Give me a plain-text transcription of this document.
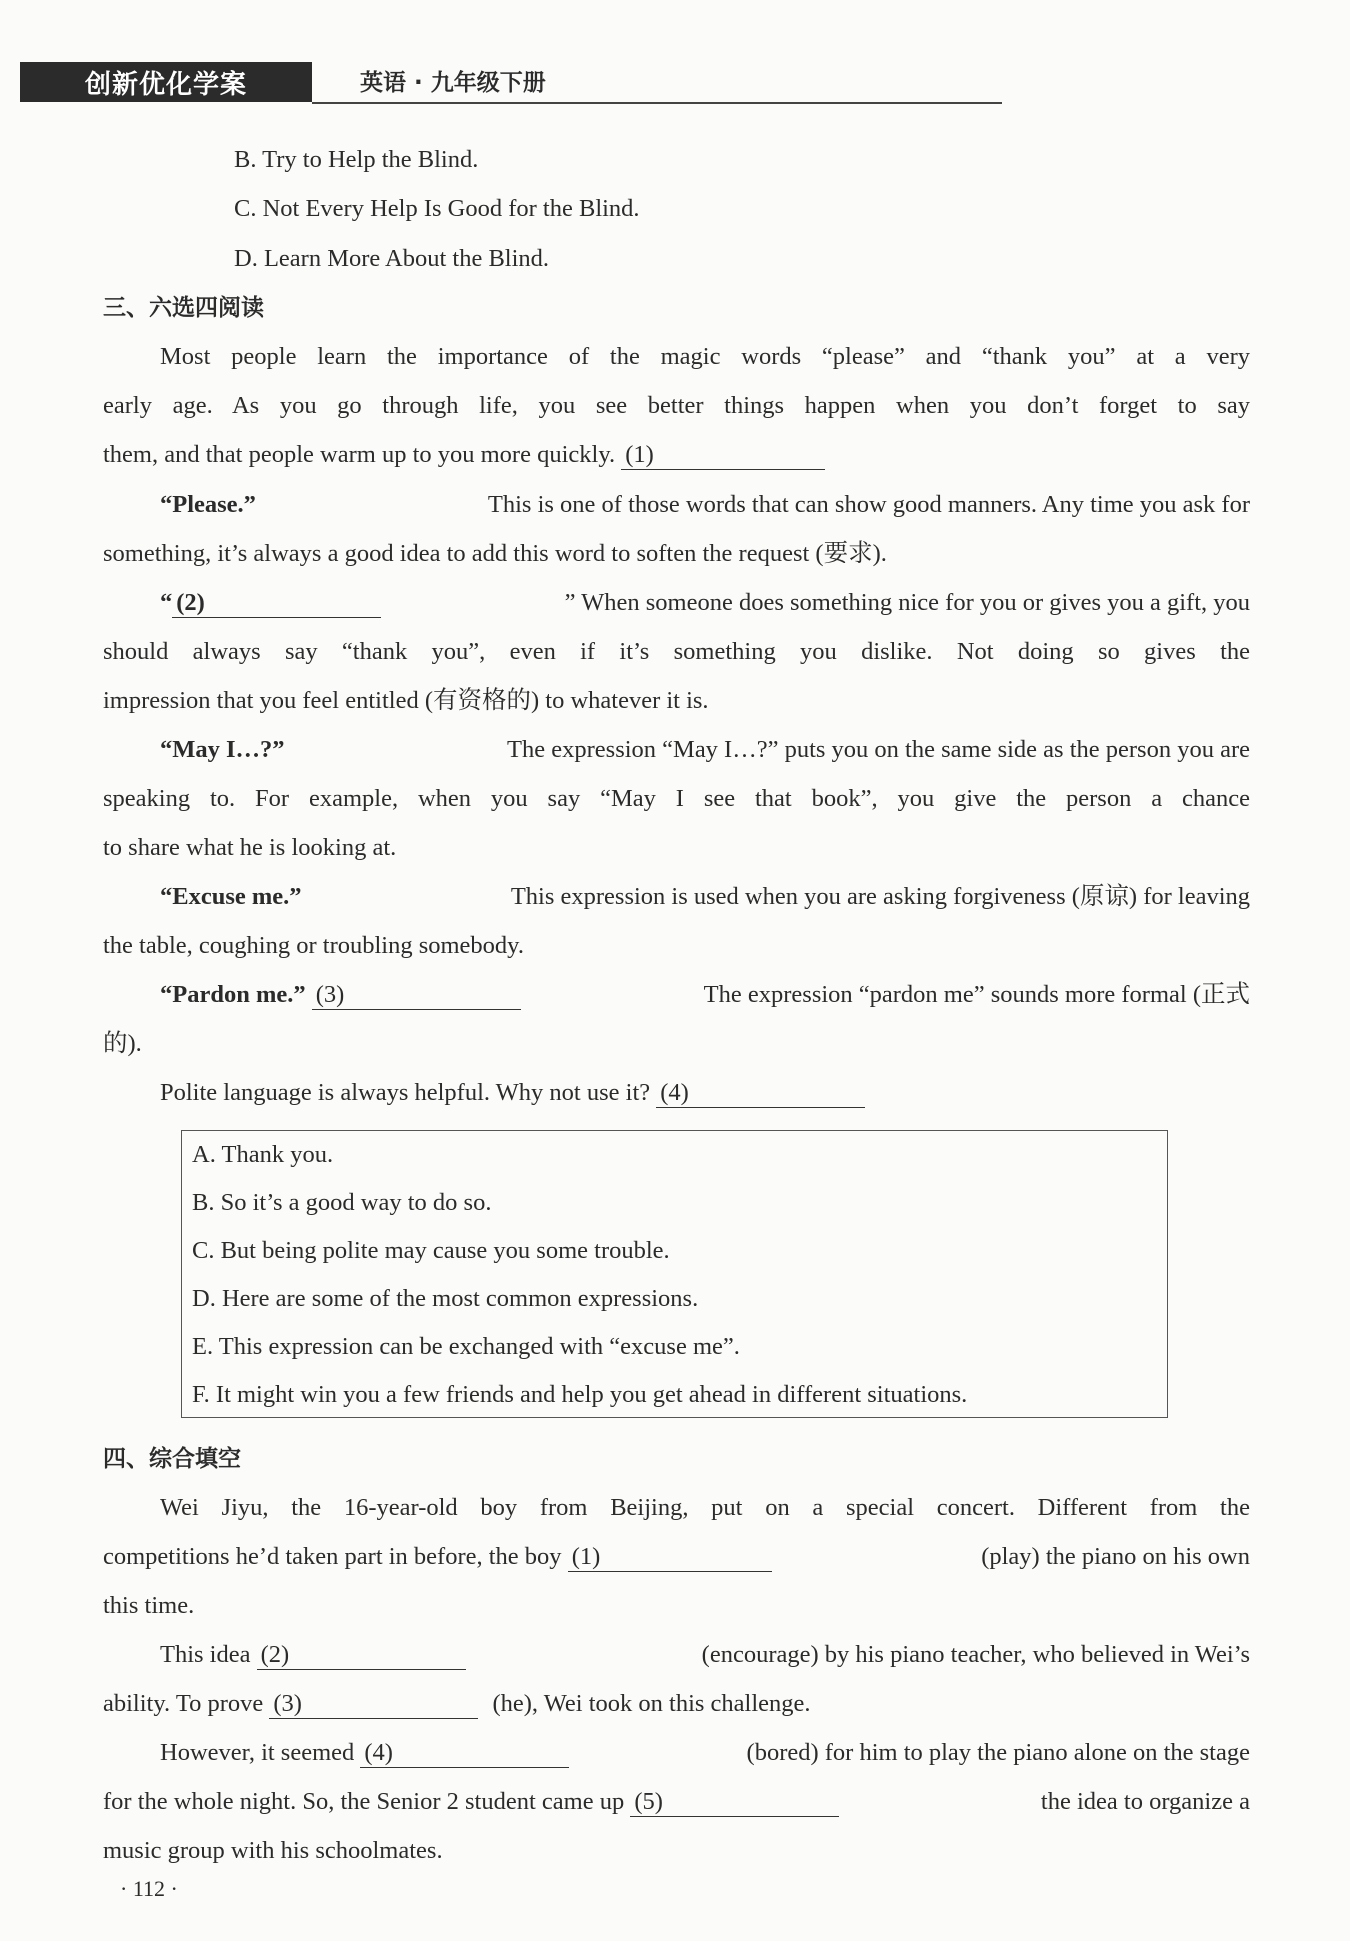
创新优化学案	英语 · 九年级下册
B. Try to Help the Blind.
C. Not Every Help Is Good for the Blind.
D. Learn More About the Blind.
三、六选四阅读
Most people learn the importance of the magic words “please” and “thank you” at a very
early age. As you go through life, you see better things happen when you don’t forget to say
them, and that people warm up to you more quickly. (1)
“Please.”	This is one of those words that can show good manners. Any time you ask for
something, it’s always a good idea to add this word to soften the request (要求).
“ (2)	” When someone does something nice for you or gives you a gift, you
should always say “thank you”, even if it’s something you dislike. Not doing so gives the
impression that you feel entitled (有资格的) to whatever it is.
“May I…?”	The expression “May I…?” puts you on the same side as the person you are
speaking to. For example, when you say “May I see that book”, you give the person a chance
to share what he is looking at.
“Excuse me.”	This expression is used when you are asking forgiveness (原谅) for leaving
the table, coughing or troubling somebody.
“Pardon me.” (3)	The expression “pardon me” sounds more formal (正式
的).
Polite language is always helpful. Why not use it? (4)
A. Thank you.
B. So it’s a good way to do so.
C. But being polite may cause you some trouble.
D. Here are some of the most common expressions.
E. This expression can be exchanged with “excuse me”.
F. It might win you a few friends and help you get ahead in different situations.
四、综合填空
Wei Jiyu, the 16-year-old boy from Beijing, put on a special concert. Different from the
competitions he’d taken part in before, the boy (1)	(play) the piano on his own
this time.
This idea (2)	(encourage) by his piano teacher, who believed in Wei’s
ability. To prove (3)	(he), Wei took on this challenge.
However, it seemed (4)	(bored) for him to play the piano alone on the stage
for the whole night. So, the Senior 2 student came up (5)	the idea to organize a
music group with his schoolmates.
· 112 ·
